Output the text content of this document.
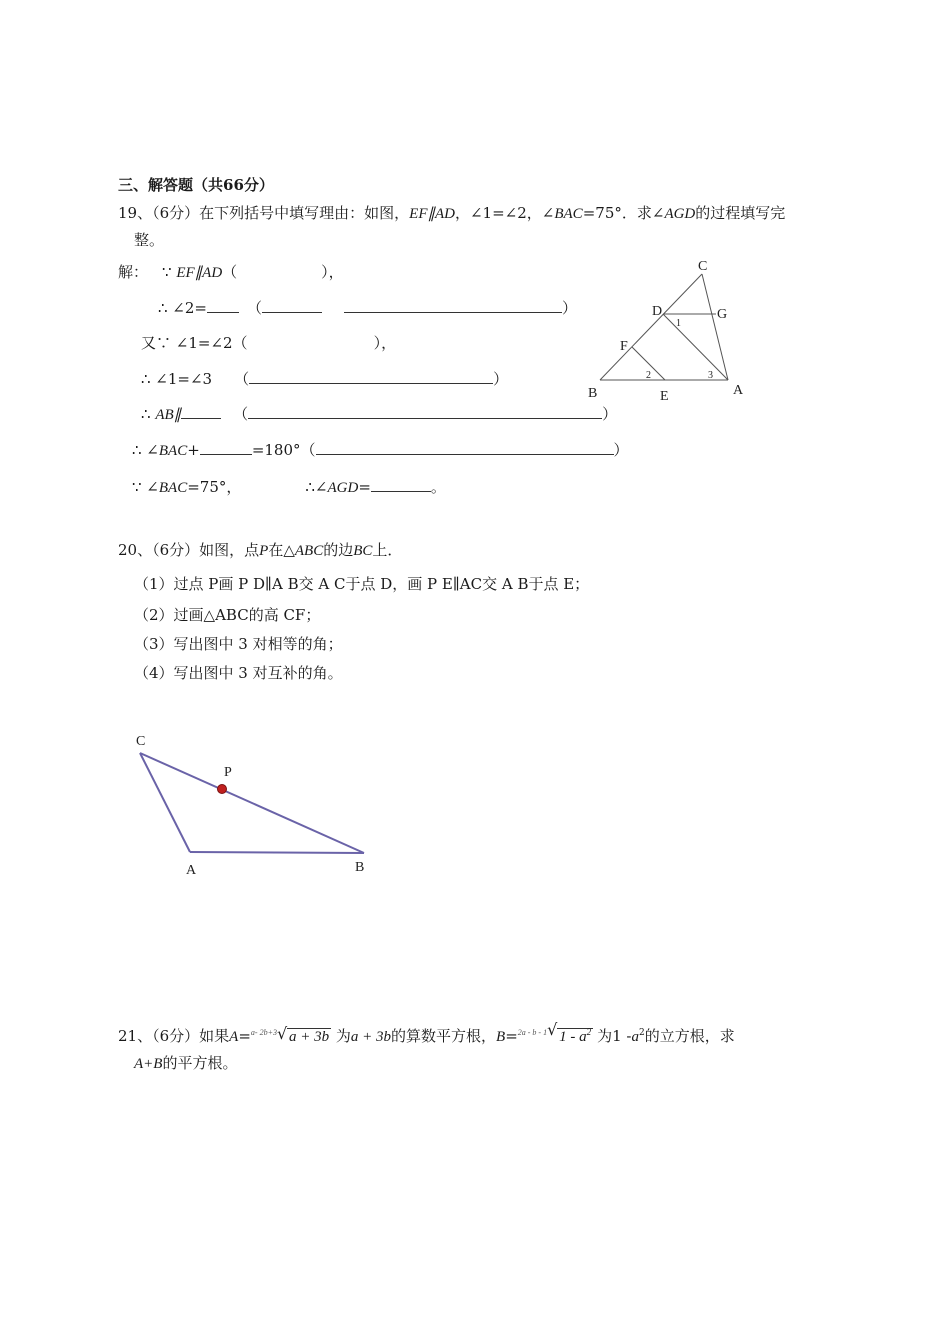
三、解答题（共66分）
19、（6分）在下列括号中填写理由：如图，EF∥AD，∠1=∠2，∠BAC=75°．求∠AGD的过程填写完
整。
解： ∵ EF∥AD（	），
∴ ∠2=	（	）
又∵ ∠1=∠2（	），
∴ ∠1=∠3 （	）
∴ AB∥	（	）
∴ ∠BAC+	=180°（	）
∵ ∠BAC=75°，	∴∠AGD=	。
C
D	G
F
B	E	A
1
2	3
20、（6分）如图，点P在△ABC的边BC上．
（1）过点 P画 P D∥A B交 A C于点 D，画 P E∥AC交 A B于点 E；
（2）过画△ABC的高 CF；
（3）写出图中 3 对相等的角；
（4）写出图中 3 对互补的角。
C
P
A	B
21、（6分）如果A=$^{a- 2b+3}$ √ a + 3b 为a + 3b的算数平方根，B=$^{2a - b - 1}$ √ $1 - a^2$ 为1 $-a^2$的立方根，求
A+B的平方根。
